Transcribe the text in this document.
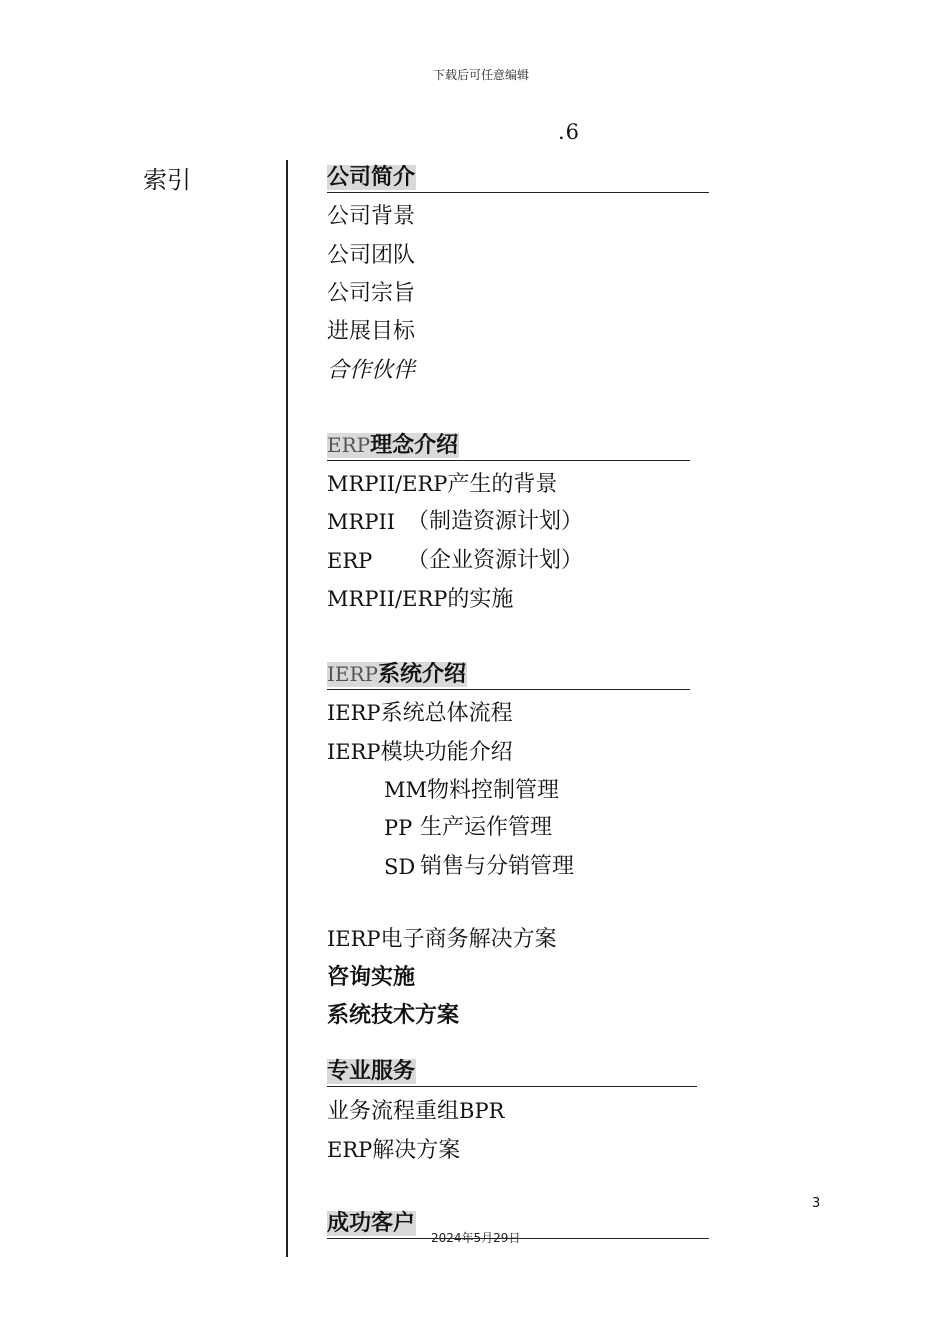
下载后可任意编辑
.6
索引	公司简介
公司背景
公司团队
公司宗旨
进展目标
合作伙伴
ERP理念介绍
MRPII/ERP产生的背景
MRPII （制造资源计划）
ERP （企业资源计划）
MRPII/ERP的实施
IERP系统介绍
IERP系统总体流程
IERP模块功能介绍
MM物料控制管理
PP 生产运作管理
SD 销售与分销管理
IERP电子商务解决方案
咨询实施
系统技术方案
专业服务
业务流程重组BPR
ERP解决方案
成功客户
3
2024年5月29日
